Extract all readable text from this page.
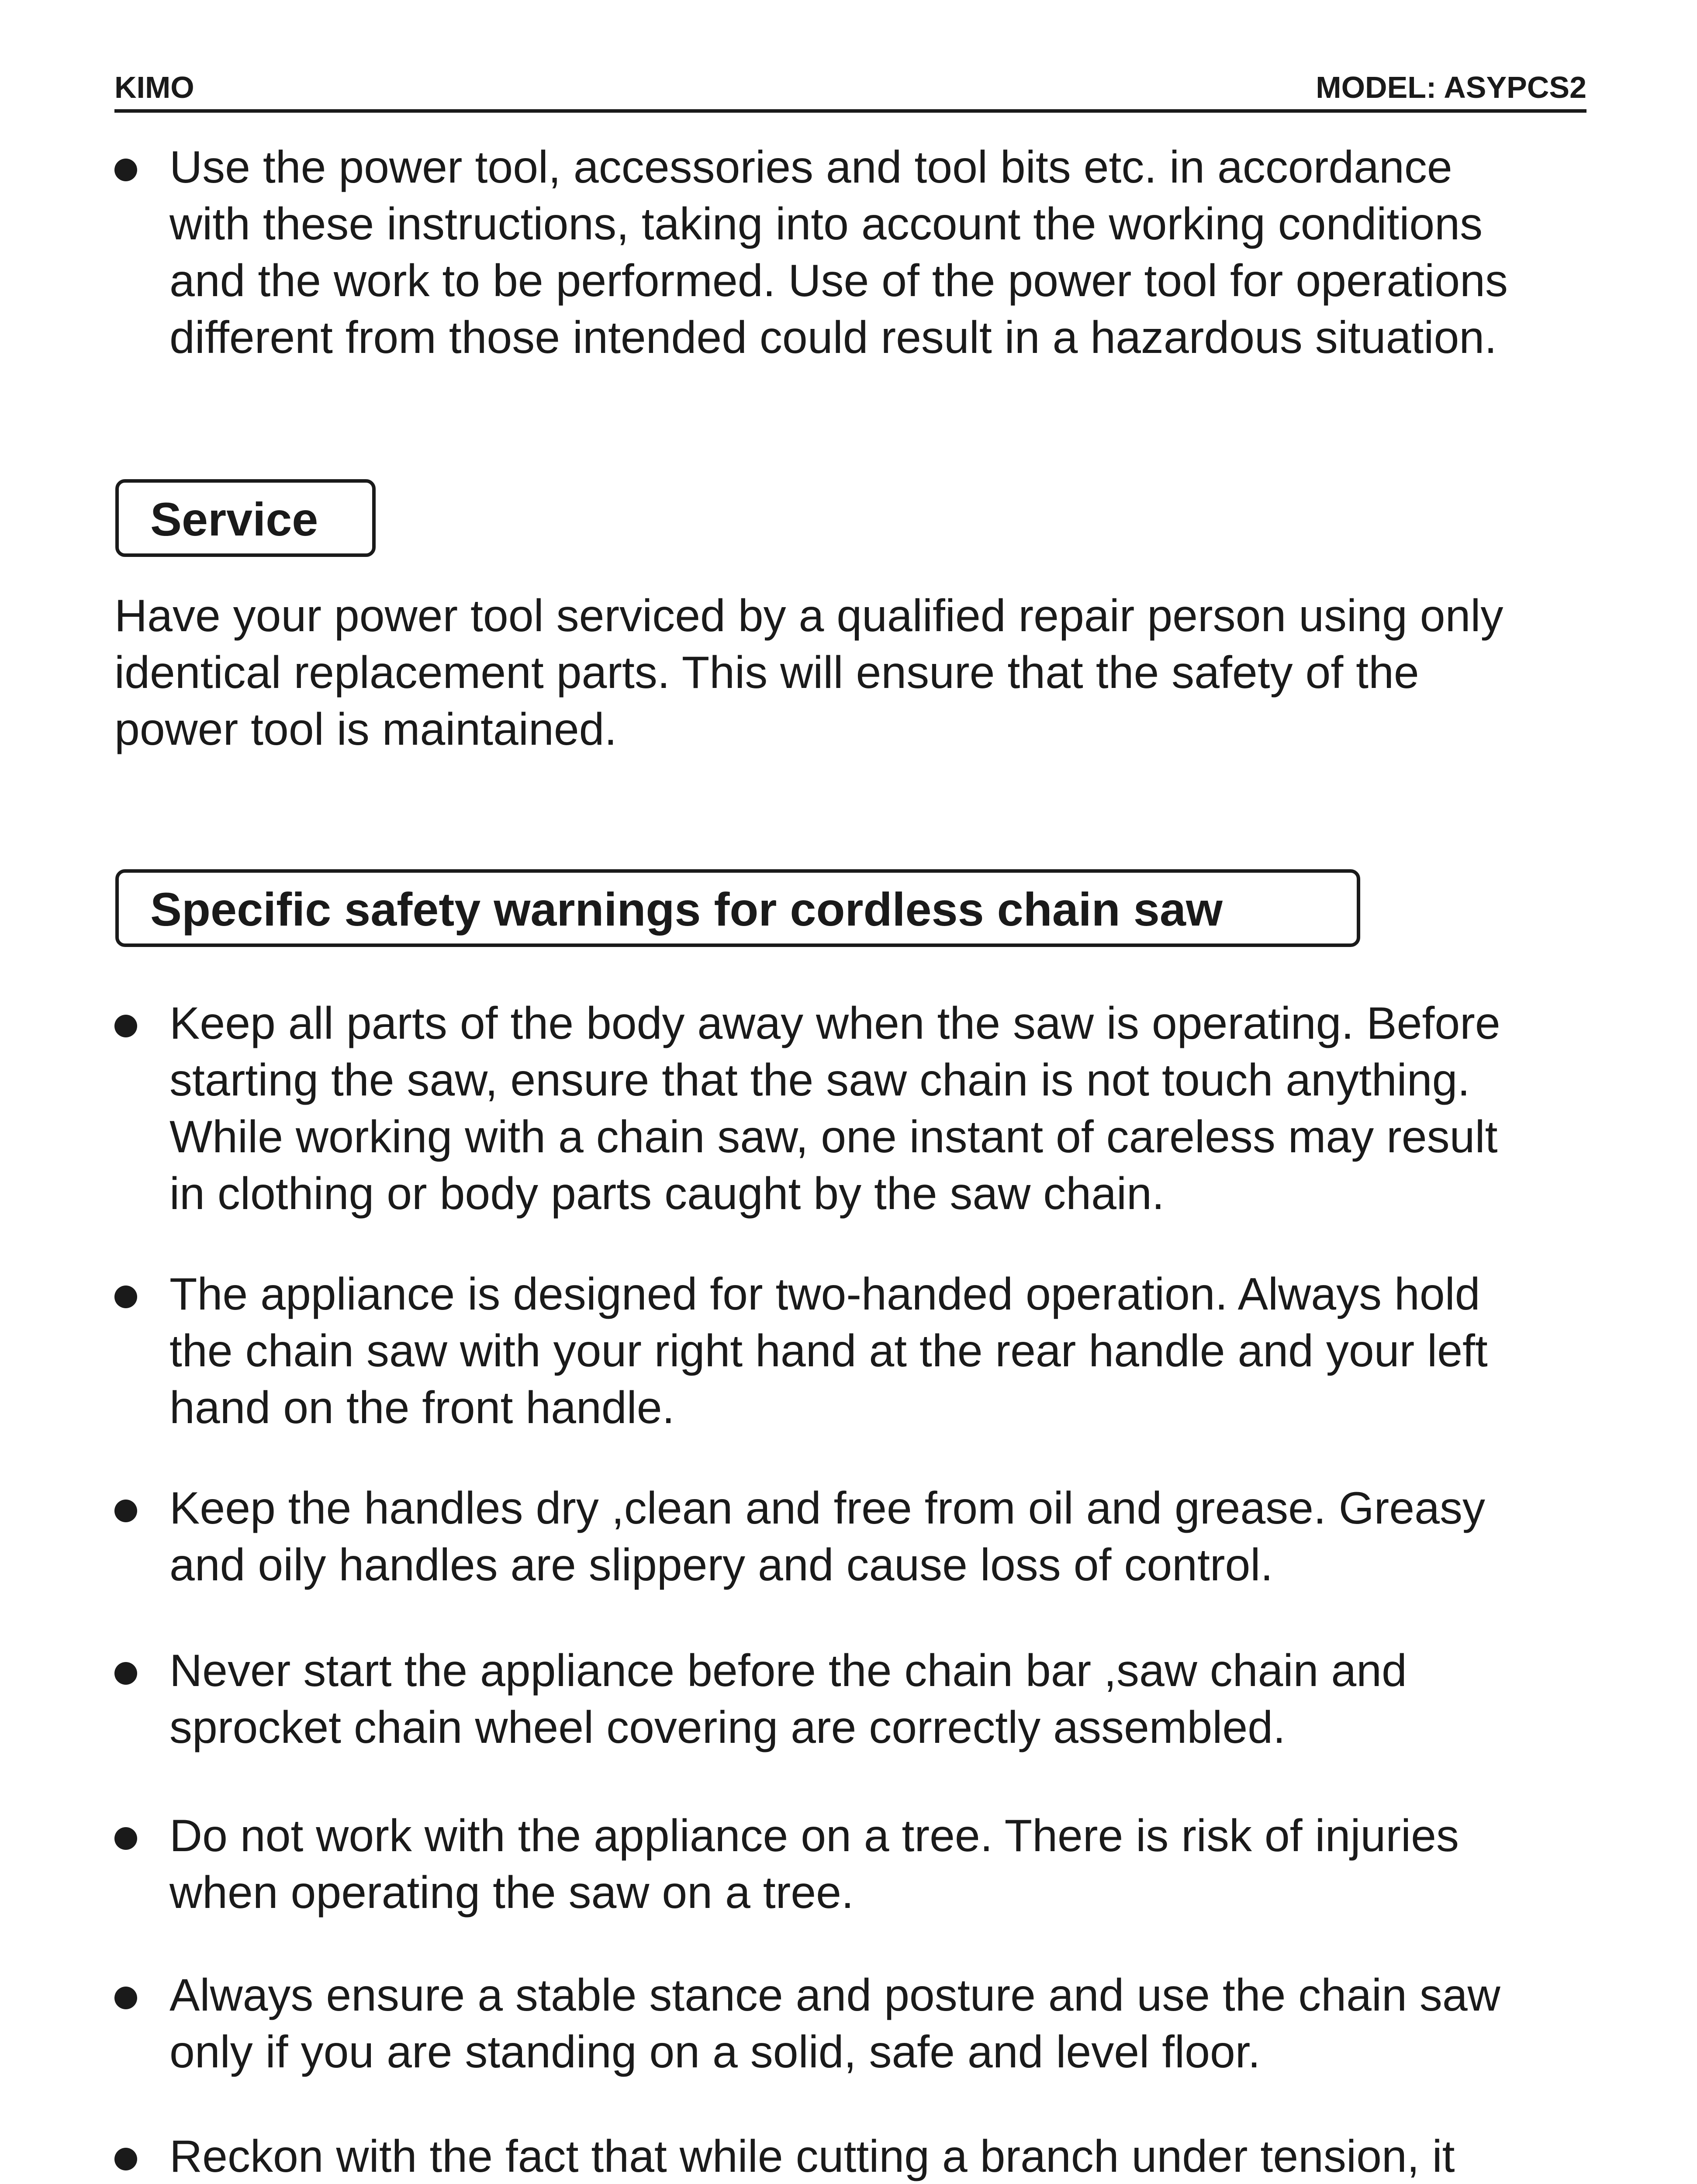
KIMO	MODEL: ASYPCS2
Use the power tool, accessories and tool bits etc. in accordance
with these instructions, taking into account the working conditions
and the work to be performed. Use of the power tool for operations
different from those intended could result in a hazardous situation.
Service
Have your power tool serviced by a qualified repair person using only
identical replacement parts. This will ensure that the safety of the
power tool is maintained.
Specific safety warnings for cordless chain saw
Keep all parts of the body away when the saw is operating. Before
starting the saw, ensure that the saw chain is not touch anything.
While working with a chain saw, one instant of careless may result
in clothing or body parts caught by the saw chain.
The appliance is designed for two-handed operation. Always hold
the chain saw with your right hand at the rear handle and your left
hand on the front handle.
Keep the handles dry ,clean and free from oil and grease. Greasy
and oily handles are slippery and cause loss of control.
Never start the appliance before the chain bar ,saw chain and
sprocket chain wheel covering are correctly assembled.
Do not work with the appliance on a tree. There is risk of injuries
when operating the saw on a tree.
Always ensure a stable stance and posture and use the chain saw
only if you are standing on a solid, safe and level floor.
Reckon with the fact that while cutting a branch under tension, it
